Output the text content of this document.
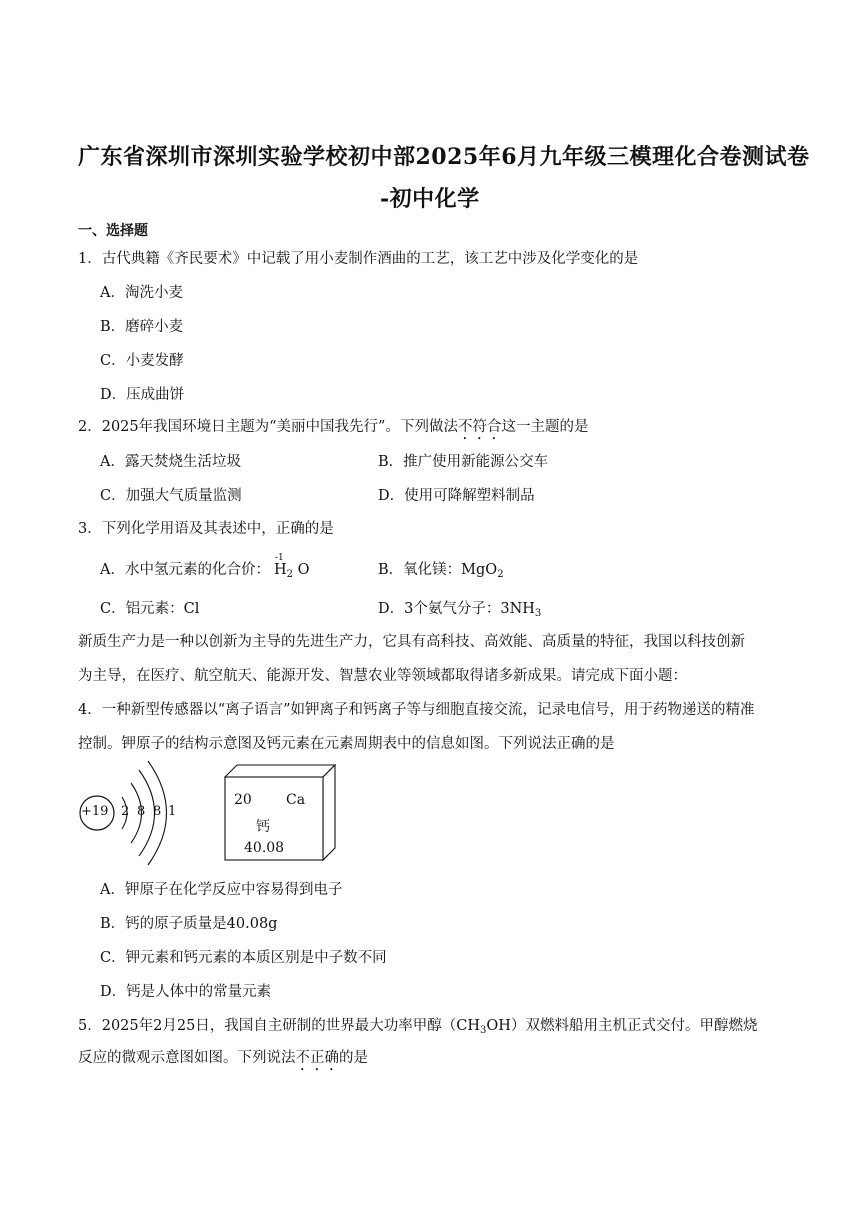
广东省深圳市深圳实验学校初中部2025年6月九年级三模理化合卷测试卷
-初中化学
一、选择题
1．古代典籍《齐民要术》中记载了用小麦制作酒曲的工艺，该工艺中涉及化学变化的是
A．淘洗小麦
B．磨碎小麦
C．小麦发酵
D．压成曲饼
2．2025年我国环境日主题为“美丽中国我先行”。下列做法不符合这一主题的是
A．露天焚烧生活垃圾	B．推广使用新能源公交车
C．加强大气质量监测	D．使用可降解塑料制品
3．下列化学用语及其表述中，正确的是
A．水中氢元素的化合价：
-1
$H_2$ O	B．氧化镁：MgO$_2$
C．铝元素：Cl	D．3个氨气分子：$3NH_3$
新质生产力是一种以创新为主导的先进生产力，它具有高科技、高效能、高质量的特征，我国以科技创新
为主导，在医疗、航空航天、能源开发、智慧农业等领域都取得诸多新成果。请完成下面小题：
4．一种新型传感器以“离子语言”如钾离子和钙离子等与细胞直接交流，记录电信号，用于药物递送的精准
控制。钾原子的结构示意图及钙元素在元素周期表中的信息如图。下列说法正确的是
+19 2 8 8 1
20 Ca
钙
40.08
A．钾原子在化学反应中容易得到电子
B．钙的原子质量是40.08g
C．钾元素和钙元素的本质区别是中子数不同
D．钙是人体中的常量元素
5．2025年2月25日，我国自主研制的世界最大功率甲醇$(CH_3OH)$双燃料船用主机正式交付。甲醇燃烧
反应的微观示意图如图。下列说法不正确的是
